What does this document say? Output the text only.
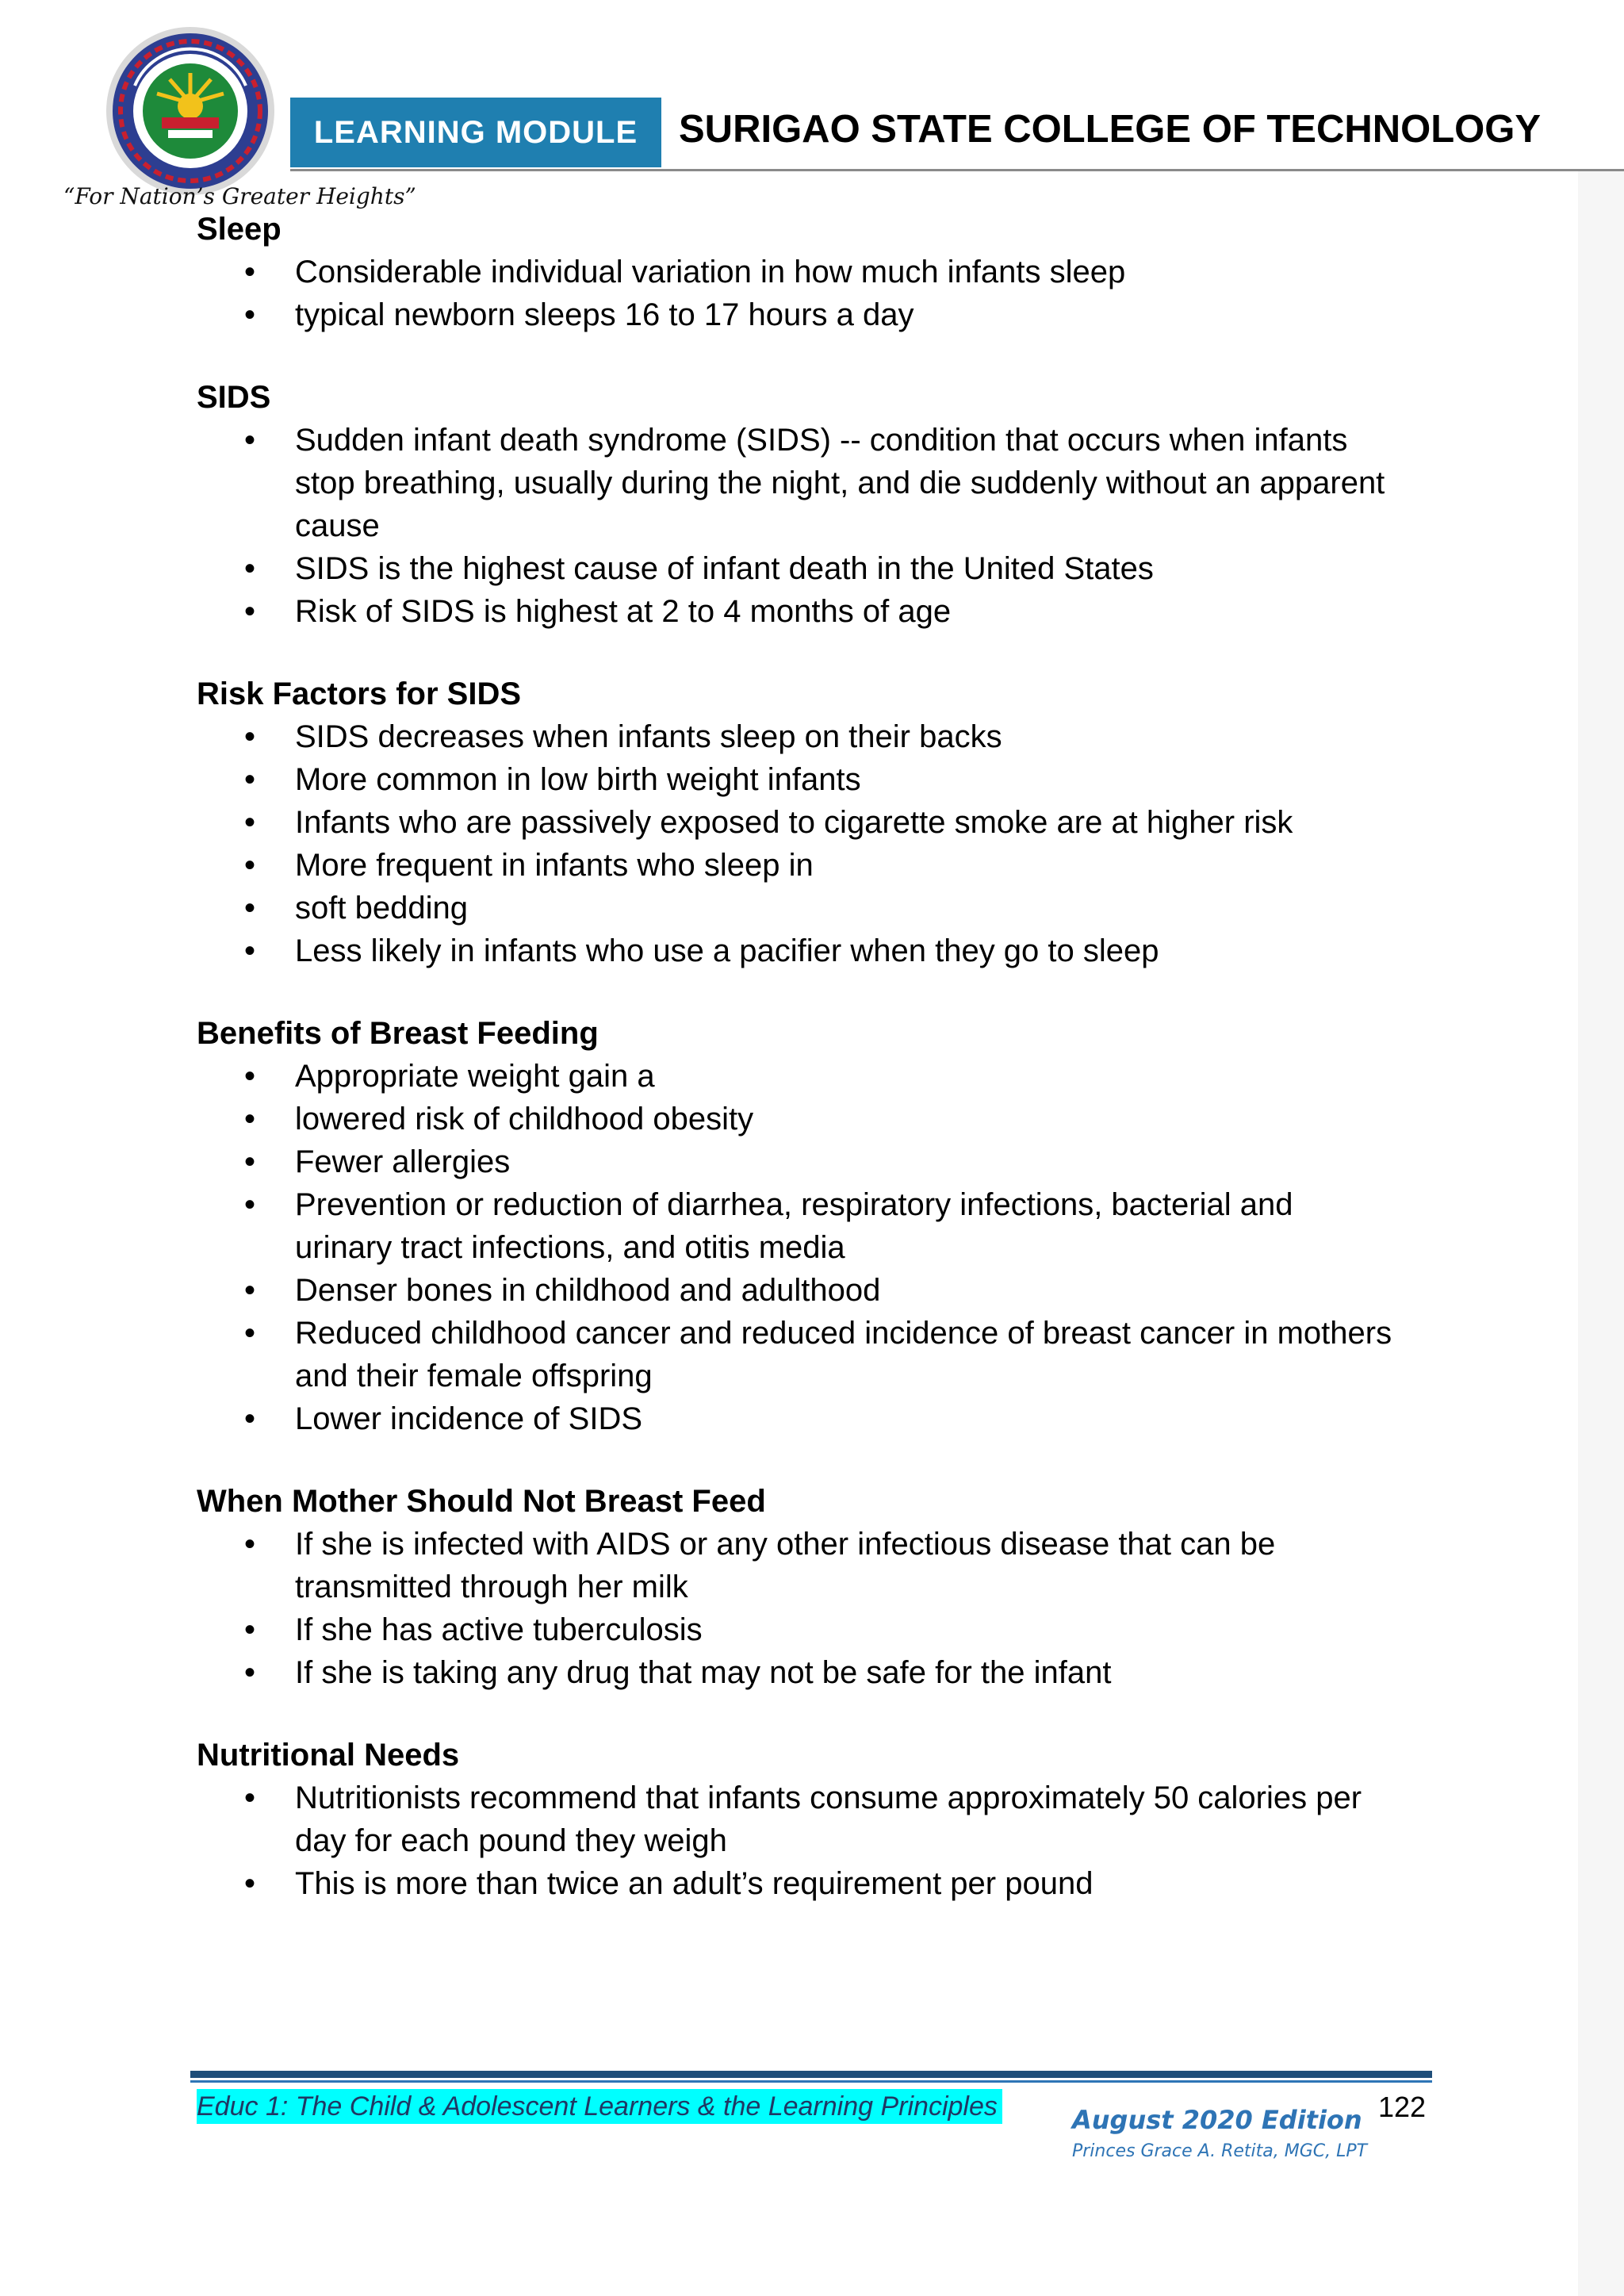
“For Nation’s Greater Heights”
LEARNING MODULE	SURIGAO STATE COLLEGE OF TECHNOLOGY
Sleep
• Considerable individual variation in how much infants sleep
• typical newborn sleeps 16 to 17 hours a day
SIDS
• Sudden infant death syndrome (SIDS) -- condition that occurs when infants
stop breathing, usually during the night, and die suddenly without an apparent
cause
• SIDS is the highest cause of infant death in the United States
• Risk of SIDS is highest at 2 to 4 months of age
Risk Factors for SIDS
• SIDS decreases when infants sleep on their backs
• More common in low birth weight infants
• Infants who are passively exposed to cigarette smoke are at higher risk
• More frequent in infants who sleep in
• soft bedding
• Less likely in infants who use a pacifier when they go to sleep
Benefits of Breast Feeding
• Appropriate weight gain a
• lowered risk of childhood obesity
• Fewer allergies
• Prevention or reduction of diarrhea, respiratory infections, bacterial and
urinary tract infections, and otitis media
• Denser bones in childhood and adulthood
• Reduced childhood cancer and reduced incidence of breast cancer in mothers
and their female offspring
• Lower incidence of SIDS
When Mother Should Not Breast Feed
• If she is infected with AIDS or any other infectious disease that can be
transmitted through her milk
• If she has active tuberculosis
• If she is taking any drug that may not be safe for the infant
Nutritional Needs
• Nutritionists recommend that infants consume approximately 50 calories per
day for each pound they weigh
• This is more than twice an adult’s requirement per pound
Educ 1: The Child & Adolescent Learners & the Learning Principles	August 2020 Edition
Princes Grace A. Retita, MGC, LPT
122
